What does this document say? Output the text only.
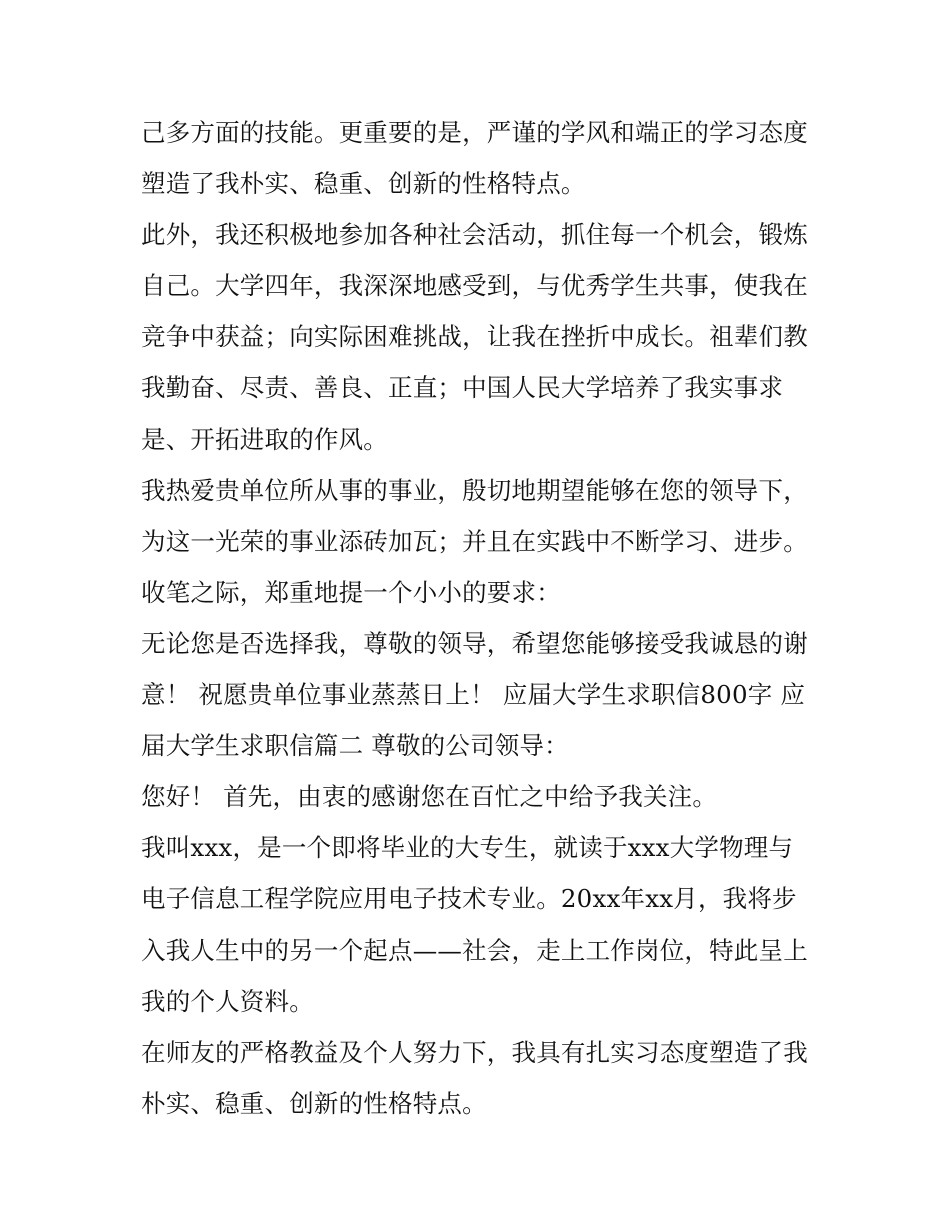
己多方面的技能。更重要的是，严谨的学风和端正的学习态度
塑造了我朴实、稳重、创新的性格特点。
此外，我还积极地参加各种社会活动，抓住每一个机会，锻炼
自己。大学四年，我深深地感受到，与优秀学生共事，使我在
竞争中获益；向实际困难挑战，让我在挫折中成长。祖辈们教
我勤奋、尽责、善良、正直；中国人民大学培养了我实事求
是、开拓进取的作风。
我热爱贵单位所从事的事业，殷切地期望能够在您的领导下，
为这一光荣的事业添砖加瓦；并且在实践中不断学习、进步。
收笔之际，郑重地提一个小小的要求：
无论您是否选择我，尊敬的领导，希望您能够接受我诚恳的谢
意！ 祝愿贵单位事业蒸蒸日上！ 应届大学生求职信800字 应
届大学生求职信篇二 尊敬的公司领导：
您好！ 首先，由衷的感谢您在百忙之中给予我关注。
我叫xxx，是一个即将毕业的大专生，就读于xxx大学物理与
电子信息工程学院应用电子技术专业。20xx年xx月，我将步
入我人生中的另一个起点——社会，走上工作岗位，特此呈上
我的个人资料。
在师友的严格教益及个人努力下，我具有扎实习态度塑造了我
朴实、稳重、创新的性格特点。
